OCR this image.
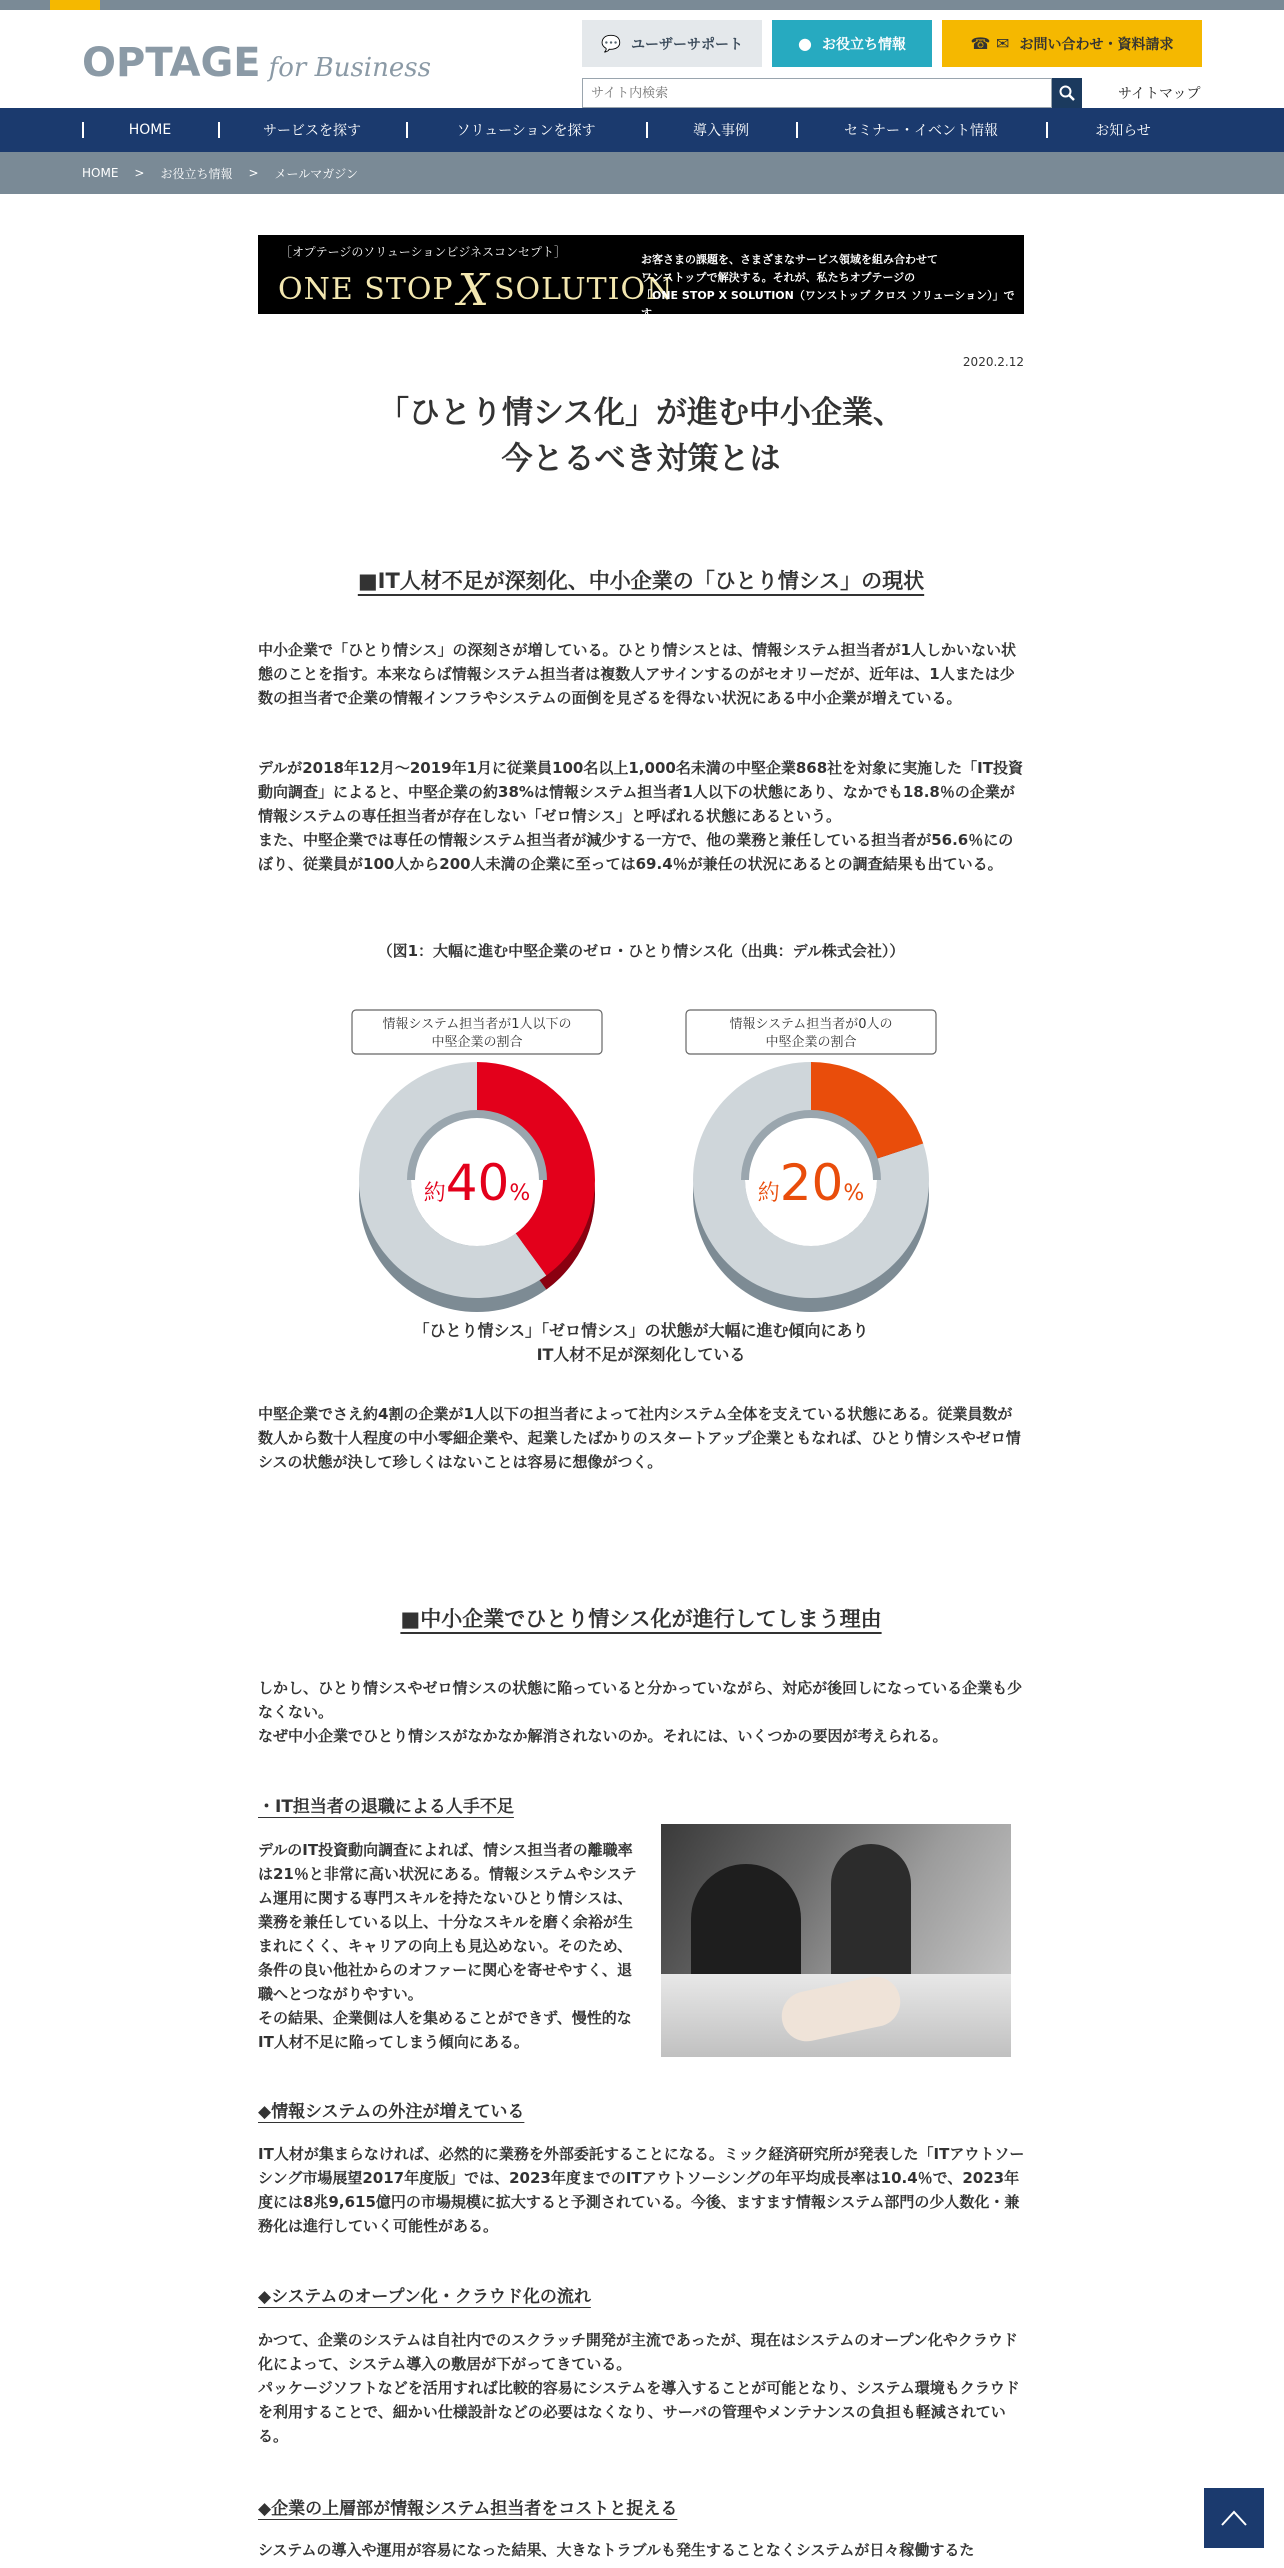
OPTAGE for Business
💬 ユーザーサポート	● お役立ち情報	☎ ✉ お問い合わせ・資料請求
サイト内検索
サイトマップ
HOME	サービスを探す	ソリューションを探す	導入事例	セミナー・イベント情報	お知らせ
HOME > お役立ち情報 > メールマガジン
［オプテージのソリューションビジネスコンセプト］
ONE STOPX SOLUTION
お客さまの課題を、さまざまなサービス領域を組み合わせて
ワンストップで解決する。それが、私たちオプテージの
「ONE STOP X SOLUTION（ワンストップ クロス ソリューション）」です。
2020.2.12
「ひとり情シス化」が進む中小企業、
今とるべき対策とは
■IT人材不足が深刻化、中小企業の「ひとり情シス」の現状
中小企業で「ひとり情シス」の深刻さが増している。ひとり情シスとは、情報システム担当者が1人しかいない状態のことを指す。本来ならば情報システム担当者は複数人アサインするのがセオリーだが、近年は、1人または少数の担当者で企業の情報インフラやシステムの面倒を見ざるを得ない状況にある中小企業が増えている。
デルが2018年12月～2019年1月に従業員100名以上1,000名未満の中堅企業868社を対象に実施した「IT投資動向調査」によると、中堅企業の約38%は情報システム担当者1人以下の状態にあり、なかでも18.8％の企業が情報システムの専任担当者が存在しない「ゼロ情シス」と呼ばれる状態にあるという。
また、中堅企業では専任の情報システム担当者が減少する一方で、他の業務と兼任している担当者が56.6％にのぼり、従業員が100人から200人未満の企業に至っては69.4％が兼任の状況にあるとの調査結果も出ている。
（図1：大幅に進む中堅企業のゼロ・ひとり情シス化（出典：デル株式会社））
情報システム担当者が1人以下の
中堅企業の割合
約40%
情報システム担当者が0人の
中堅企業の割合
約20%
「ひとり情シス」「ゼロ情シス」の状態が大幅に進む傾向にあり
IT人材不足が深刻化している
中堅企業でさえ約4割の企業が1人以下の担当者によって社内システム全体を支えている状態にある。従業員数が数人から数十人程度の中小零細企業や、起業したばかりのスタートアップ企業ともなれば、ひとり情シスやゼロ情シスの状態が決して珍しくはないことは容易に想像がつく。
■中小企業でひとり情シス化が進行してしまう理由
しかし、ひとり情シスやゼロ情シスの状態に陥っていると分かっていながら、対応が後回しになっている企業も少なくない。
なぜ中小企業でひとり情シスがなかなか解消されないのか。それには、いくつかの要因が考えられる。
・IT担当者の退職による人手不足
デルのIT投資動向調査によれば、情シス担当者の離職率は21％と非常に高い状況にある。情報システムやシステム運用に関する専門スキルを持たないひとり情シスは、業務を兼任している以上、十分なスキルを磨く余裕が生まれにくく、キャリアの向上も見込めない。そのため、条件の良い他社からのオファーに関心を寄せやすく、退職へとつながりやすい。
その結果、企業側は人を集めることができず、慢性的なIT人材不足に陥ってしまう傾向にある。
◆情報システムの外注が増えている
IT人材が集まらなければ、必然的に業務を外部委託することになる。ミック経済研究所が発表した「ITアウトソーシング市場展望2017年度版」では、2023年度までのITアウトソーシングの年平均成長率は10.4％で、2023年度には8兆9,615億円の市場規模に拡大すると予測されている。今後、ますます情報システム部門の少人数化・兼務化は進行していく可能性がある。
◆システムのオープン化・クラウド化の流れ
かつて、企業のシステムは自社内でのスクラッチ開発が主流であったが、現在はシステムのオープン化やクラウド化によって、システム導入の敷居が下がってきている。
パッケージソフトなどを活用すれば比較的容易にシステムを導入することが可能となり、システム環境もクラウドを利用することで、細かい仕様設計などの必要はなくなり、サーバの管理やメンテナンスの負担も軽減されている。
◆企業の上層部が情報システム担当者をコストと捉える
システムの導入や運用が容易になった結果、大きなトラブルも発生することなくシステムが日々稼働するた
